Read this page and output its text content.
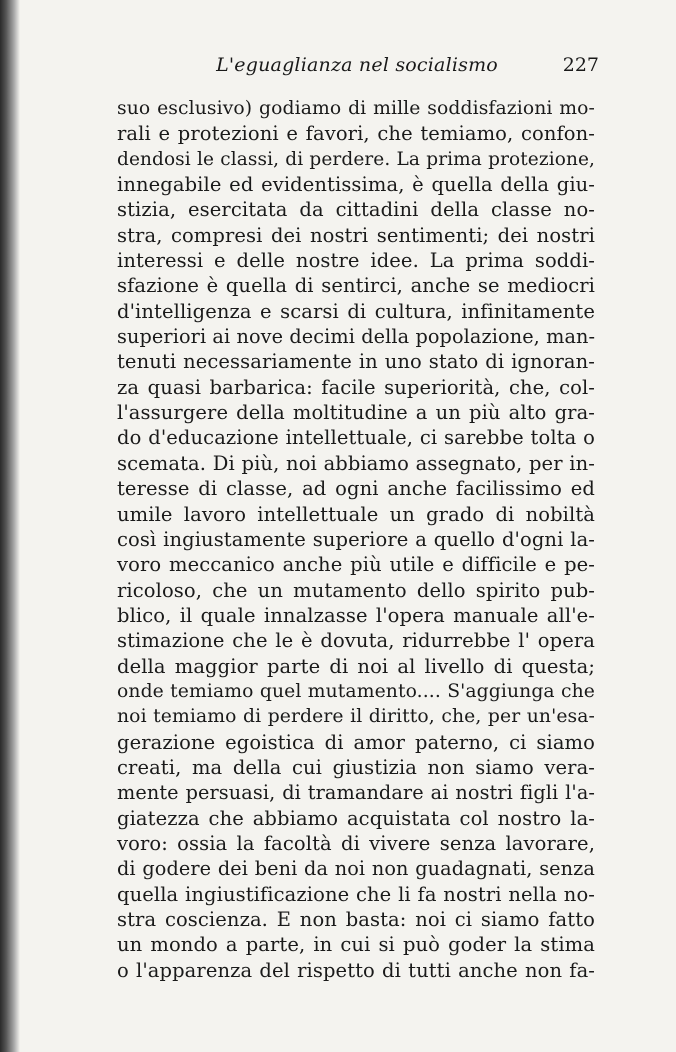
L'eguaglianza nel socialismo	227
suo esclusivo) godiamo di mille soddisfazioni mo-
rali e protezioni e favori, che temiamo, confon-
dendosi le classi, di perdere. La prima protezione,
innegabile ed evidentissima, è quella della giu-
stizia, esercitata da cittadini della classe no-
stra, compresi dei nostri sentimenti; dei nostri
interessi e delle nostre idee. La prima soddi-
sfazione è quella di sentirci, anche se mediocri
d'intelligenza e scarsi di cultura, infinitamente
superiori ai nove decimi della popolazione, man-
tenuti necessariamente in uno stato di ignoran-
za quasi barbarica: facile superiorità, che, col-
l'assurgere della moltitudine a un più alto gra-
do d'educazione intellettuale, ci sarebbe tolta o
scemata. Di più, noi abbiamo assegnato, per in-
teresse di classe, ad ogni anche facilissimo ed
umile lavoro intellettuale un grado di nobiltà
così ingiustamente superiore a quello d'ogni la-
voro meccanico anche più utile e difficile e pe-
ricoloso, che un mutamento dello spirito pub-
blico, il quale innalzasse l'opera manuale all'e-
stimazione che le è dovuta, ridurrebbe l' opera
della maggior parte di noi al livello di questa;
onde temiamo quel mutamento.... S'aggiunga che
noi temiamo di perdere il diritto, che, per un'esa-
gerazione egoistica di amor paterno, ci siamo
creati, ma della cui giustizia non siamo vera-
mente persuasi, di tramandare ai nostri figli l'a-
giatezza che abbiamo acquistata col nostro la-
voro: ossia la facoltà di vivere senza lavorare,
di godere dei beni da noi non guadagnati, senza
quella ingiustificazione che li fa nostri nella no-
stra coscienza. E non basta: noi ci siamo fatto
un mondo a parte, in cui si può goder la stima
o l'apparenza del rispetto di tutti anche non fa-
